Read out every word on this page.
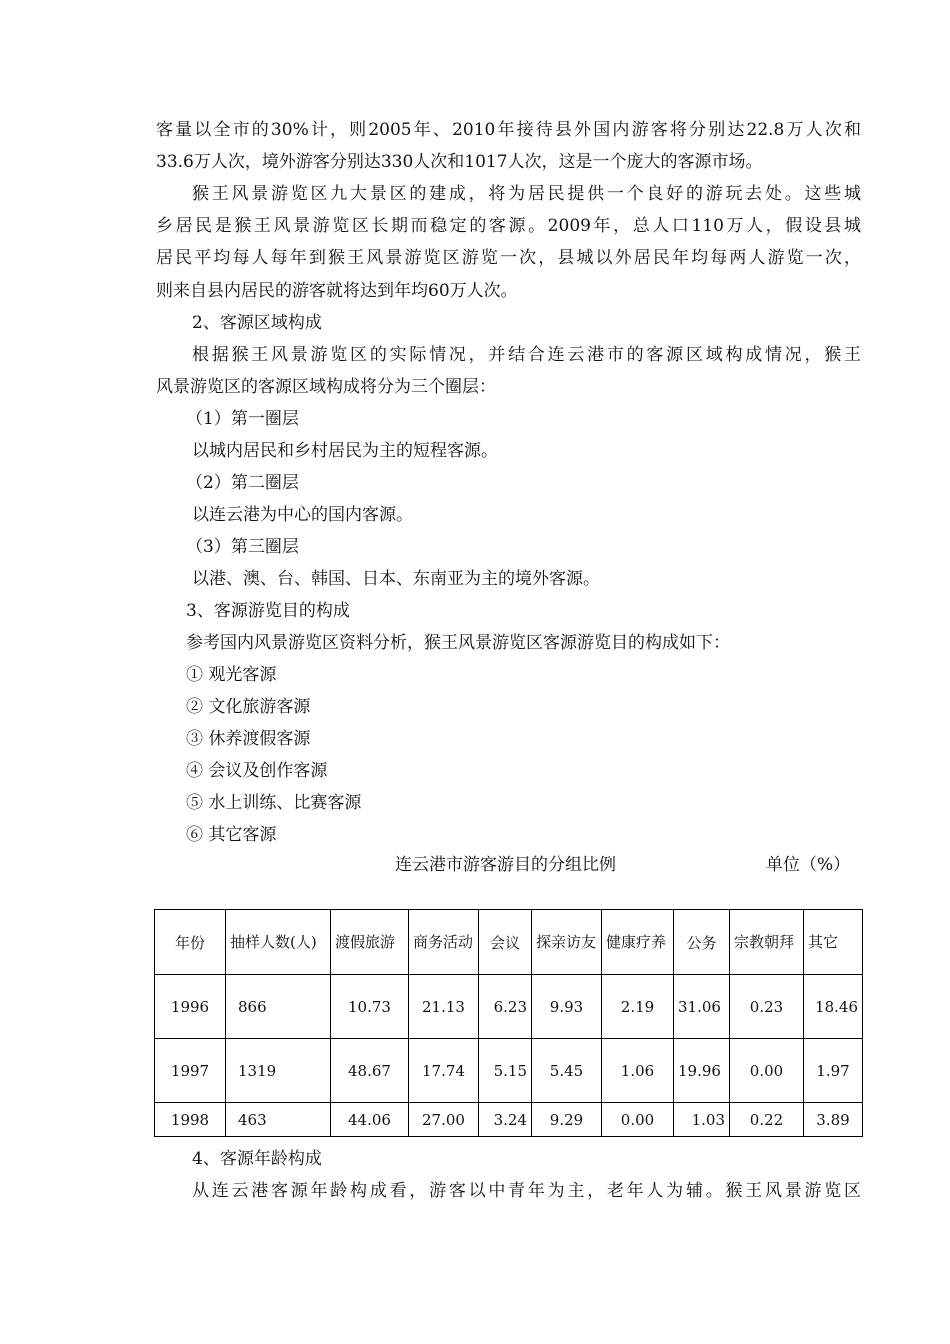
客量以全市的30%计，则2005年、2010年接待县外国内游客将分别达22.8万人次和
33.6万人次，境外游客分别达330人次和1017人次，这是一个庞大的客源市场。
猴王风景游览区九大景区的建成，将为居民提供一个良好的游玩去处。这些城
乡居民是猴王风景游览区长期而稳定的客源。2009年，总人口110万人，假设县城
居民平均每人每年到猴王风景游览区游览一次，县城以外居民年均每两人游览一次，
则来自县内居民的游客就将达到年均60万人次。
2、客源区域构成
根据猴王风景游览区的实际情况，并结合连云港市的客源区域构成情况，猴王
风景游览区的客源区域构成将分为三个圈层：
（1）第一圈层
以城内居民和乡村居民为主的短程客源。
（2）第二圈层
以连云港为中心的国内客源。
（3）第三圈层
以港、澳、台、韩国、日本、东南亚为主的境外客源。
3、客源游览目的构成
参考国内风景游览区资料分析，猴王风景游览区客源游览目的构成如下：
① 观光客源
② 文化旅游客源
③ 休养渡假客源
④ 会议及创作客源
⑤ 水上训练、比赛客源
⑥ 其它客源
连云港市游客游目的分组比例	单位（%）
年份	抽样人数(人)	渡假旅游	商务活动	会议	探亲访友	健康疗养	公务	宗教朝拜	其它
1996	866	10.73	21.13	6.23	9.93	2.19	31.06	0.23	18.46
1997	1319	48.67	17.74	5.15	5.45	1.06	19.96	0.00	1.97
1998	463	44.06	27.00	3.24	9.29	0.00	1.03	0.22	3.89
4、客源年龄构成
从连云港客源年龄构成看，游客以中青年为主，老年人为辅。猴王风景游览区
